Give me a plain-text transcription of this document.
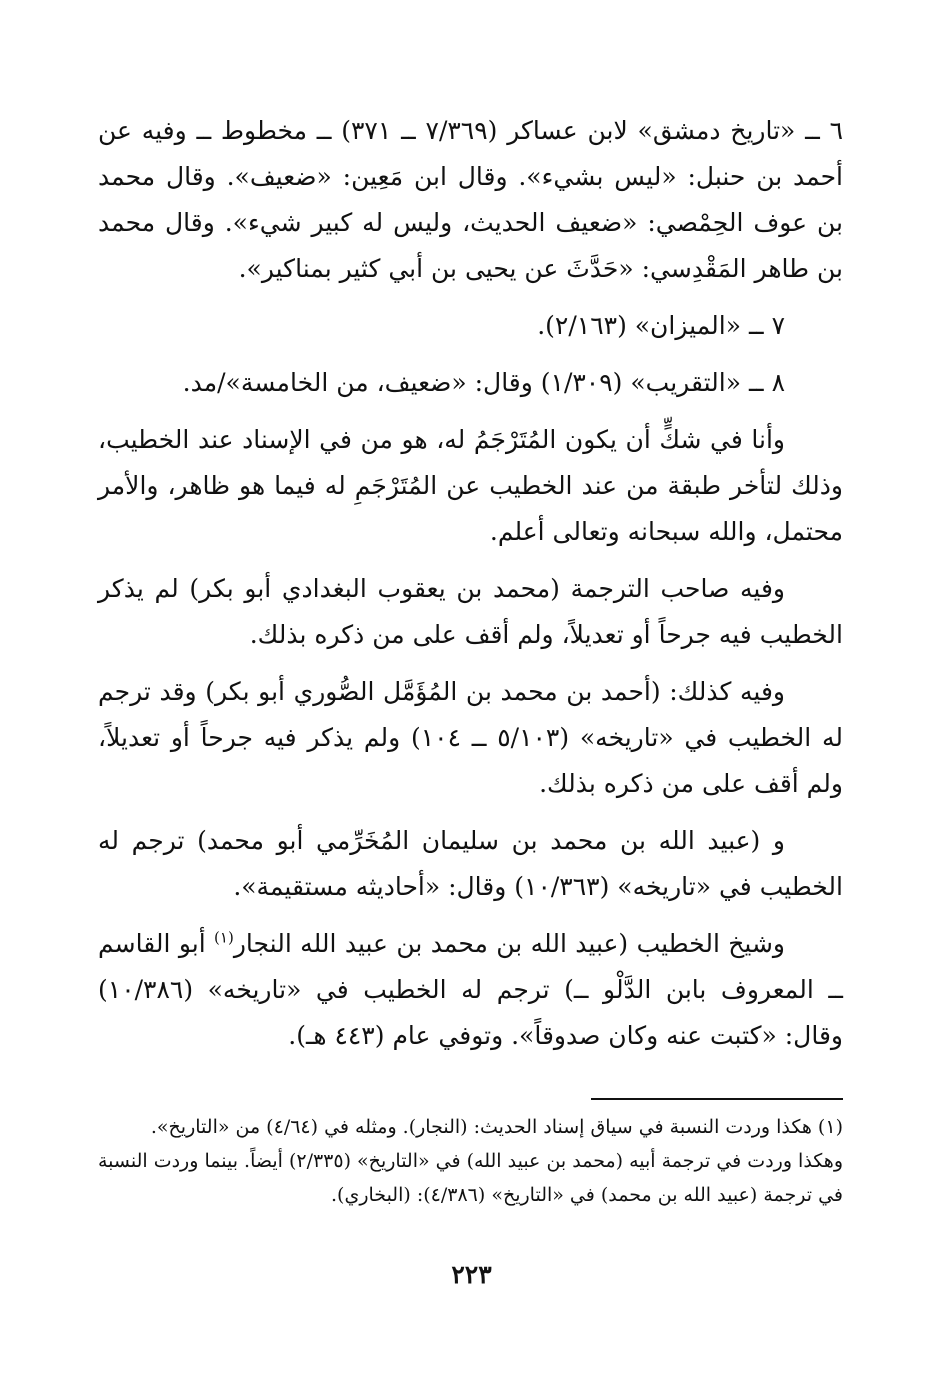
٦ ــ «تاريخ دمشق» لابن عساكر (٧/٣٦٩ ــ ٣٧١) ــ مخطوط ــ وفيه عن أحمد بن حنبل: «ليس بشيء». وقال ابن مَعِين: «ضعيف». وقال محمد بن عوف الحِمْصي: «ضعيف الحديث، وليس له كبير شيء». وقال محمد بن طاهر المَقْدِسي: «حَدَّثَ عن يحيى بن أبي كثير بمناكير».

٧ ــ «الميزان» (٢/١٦٣).

٨ ــ «التقريب» (١/٣٠٩) وقال: «ضعيف، من الخامسة»/مد.

وأنا في شكٍّ أن يكون المُتَرْجَمُ له، هو من في الإسناد عند الخطيب، وذلك لتأخر طبقة من عند الخطيب عن المُتَرْجَمِ له فيما هو ظاهر، والأمر محتمل، والله سبحانه وتعالى أعلم.

وفيه صاحب الترجمة (محمد بن يعقوب البغدادي أبو بكر) لم يذكر الخطيب فيه جرحاً أو تعديلاً، ولم أقف على من ذكره بذلك.

وفيه كذلك: (أحمد بن محمد بن المُؤَمَّل الصُّوري أبو بكر) وقد ترجم له الخطيب في «تاريخه» (٥/١٠٣ ــ ١٠٤) ولم يذكر فيه جرحاً أو تعديلاً، ولم أقف على من ذكره بذلك.

و (عبيد الله بن محمد بن سليمان المُخَرِّمي أبو محمد) ترجم له الخطيب في «تاريخه» (١٠/٣٦٣) وقال: «أحاديثه مستقيمة».

وشيخ الخطيب (عبيد الله بن محمد بن عبيد الله النجار$^{(١)}$ أبو القاسم ــ المعروف بابن الدَّلْو ــ) ترجم له الخطيب في «تاريخه» (١٠/٣٨٦) وقال: «كتبت عنه وكان صدوقاً». وتوفي عام (٤٤٣ هـ).

(١) هكذا وردت النسبة في سياق إسناد الحديث: (النجار). ومثله في (٤/٦٤) من «التاريخ».

وهكذا وردت في ترجمة أبيه (محمد بن عبيد الله) في «التاريخ» (٢/٣٣٥) أيضاً. بينما وردت النسبة في ترجمة (عبيد الله بن محمد) في «التاريخ» (٤/٣٨٦): (البخاري).

٢٢٣
